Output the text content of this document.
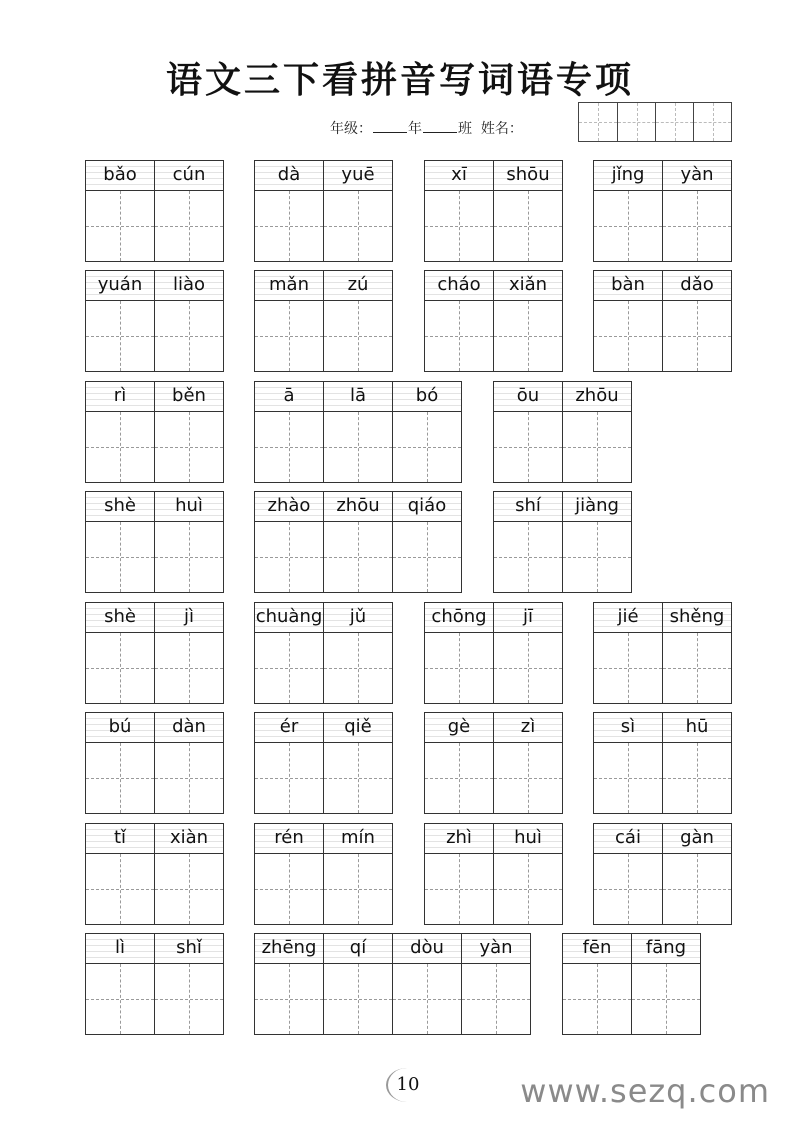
语文三下看拼音写词语专项
年级：	年	班 姓名：
bǎo	cún	dà	yuē	xī	shōu	jǐng	yàn
yuán	liào	mǎn	zú	cháo	xiǎn	bàn	dǎo
rì	běn	ā	lā	bó	ōu	zhōu
shè	huì	zhào	zhōu	qiáo	shí	jiàng
shè	jì	chuàng	jǔ	chōng	jī	jié	shěng
bú	dàn	ér	qiě	gè	zì	sì	hū
tǐ	xiàn	rén	mín	zhì	huì	cái	gàn
lì	shǐ	zhēng	qí	dòu	yàn	fēn	fāng
10	www.sezq.com
